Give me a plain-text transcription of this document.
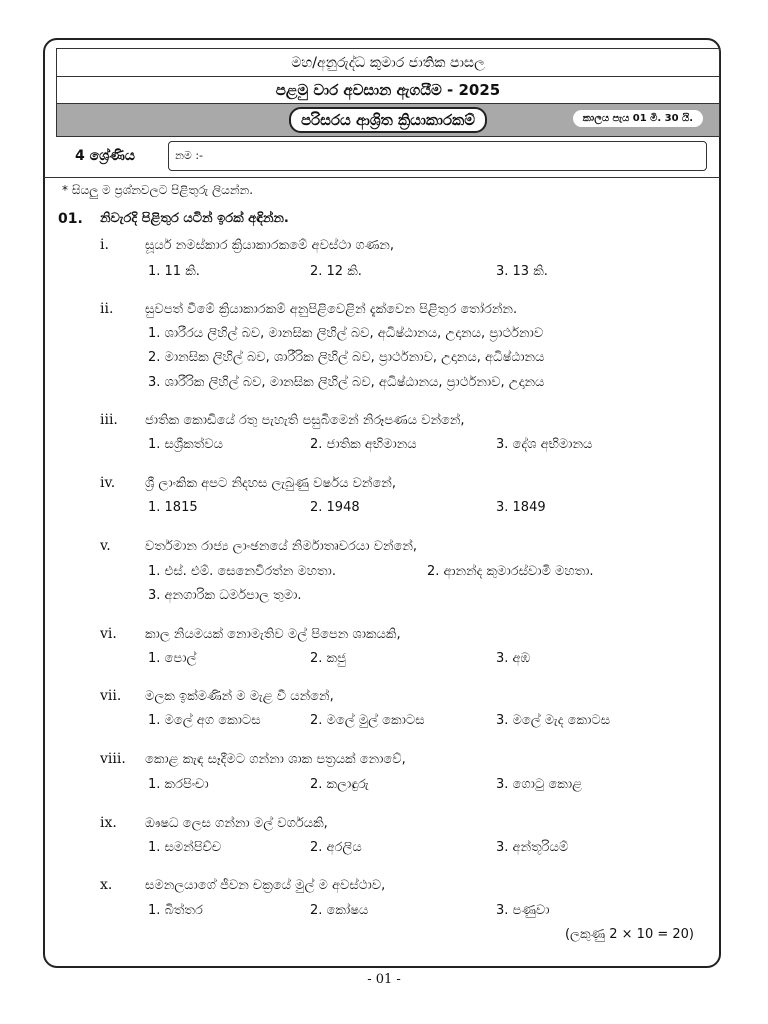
මහ/අනුරුද්ධ කුමාර ජාතික පාසල
පළමු වාර අවසාන ඇගයීම - 2025
පරිසරය ආශ්‍රිත ක්‍රියාකාරකම්	කාලය පැය 01 මි. 30 යි.
4 ශ්‍රේණිය	නම :-
* සියලු ම ප්‍රශ්නවලට පිළිතුරු ලියන්න.
01. නිවැරදි පිළිතුර යටින් ඉරක් අඳින්න.
i.	සූර්ය නමස්කාර ක්‍රියාකාරකමේ අවස්ථා ගණන,
1. 11 කි.	2. 12 කි.	3. 13 කි.
ii. සුවපත් වීමේ ක්‍රියාකාරකම් අනුපිළිවෙළින් දැක්වෙන පිළිතුර තෝරන්න.
1. ශාරීරය ලිහිල් බව, මානසික ලිහිල් බව, අධිෂ්ඨානය, උදානය, ප්‍රාර්ථනාව
2. මානසික ලිහිල් බව, ශාරීරික ලිහිල් බව, ප්‍රාර්ථනාව, උදානය, අධිෂ්ඨානය
3. ශාරීරික ලිහිල් බව, මානසික ලිහිල් බව, අධිෂ්ඨානය, ප්‍රාර්ථනාව, උදානය
iii. ජාතික කොඩියේ රතු පැහැති පසුබිමෙන් නිරූපණය වන්නේ,
1. සශ්‍රීකත්වය	2. ජාතික අභිමානය	3. දේශ අභිමානය
iv. ශ්‍රී ලාංකික අපට නිදහස ලැබුණු වර්ෂය වන්නේ,
1. 1815	2. 1948	3. 1849
v.	වර්තමාන රාජ්‍ය ලාංඡනයේ නිර්මාතෘවරයා වන්නේ,
1. එස්. එම්. සෙනෙවිරත්න මහතා.	2. ආනන්ද කුමාරස්වාමි මහතා.
3. අනගාරික ධර්මපාල තුමා.
vi. කාල නියමයක් නොමැතිව මල් පිපෙන ශාකයකි,
1. පොල්	2. කජු	3. අඹ
vii. මලක ඉක්මණින් ම මැළ වී යන්නේ,
1. මලේ අග කොටස	2. මලේ මුල් කොටස	3. මලේ මැද කොටස
viii. කොළ කැඳ සෑදීමට ගන්නා ශාක පත්‍රයක් නොවේ,
1. කරපිංචා	2. කලාඳුරු	3. ගොටු කොළ
ix. ඖෂධ ලෙස ගන්නා මල් වර්ගයකි,
1. සමන්පිච්ච	2. අරලිය	3. අන්තූරියම්
x.	සමනලයාගේ ජීවන චක්‍රයේ මුල් ම අවස්ථාව,
1. බිත්තර	2. කෝෂය	3. පණුවා
(ලකුණු 2 × 10 = 20)
- 01 -
